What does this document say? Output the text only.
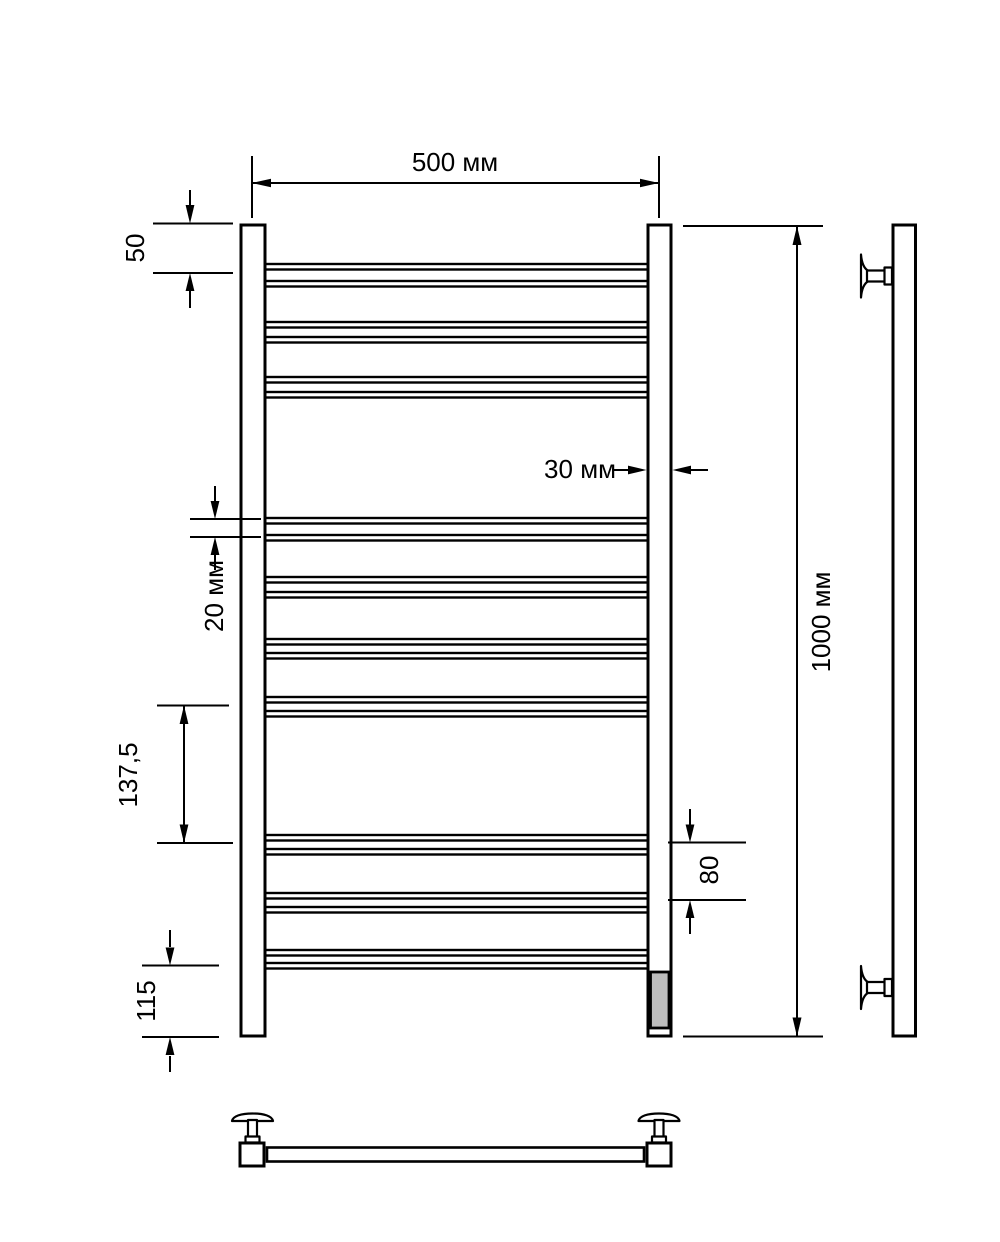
500 мм
1000 мм
30 мм
50
20 мм
137,5
115
80
